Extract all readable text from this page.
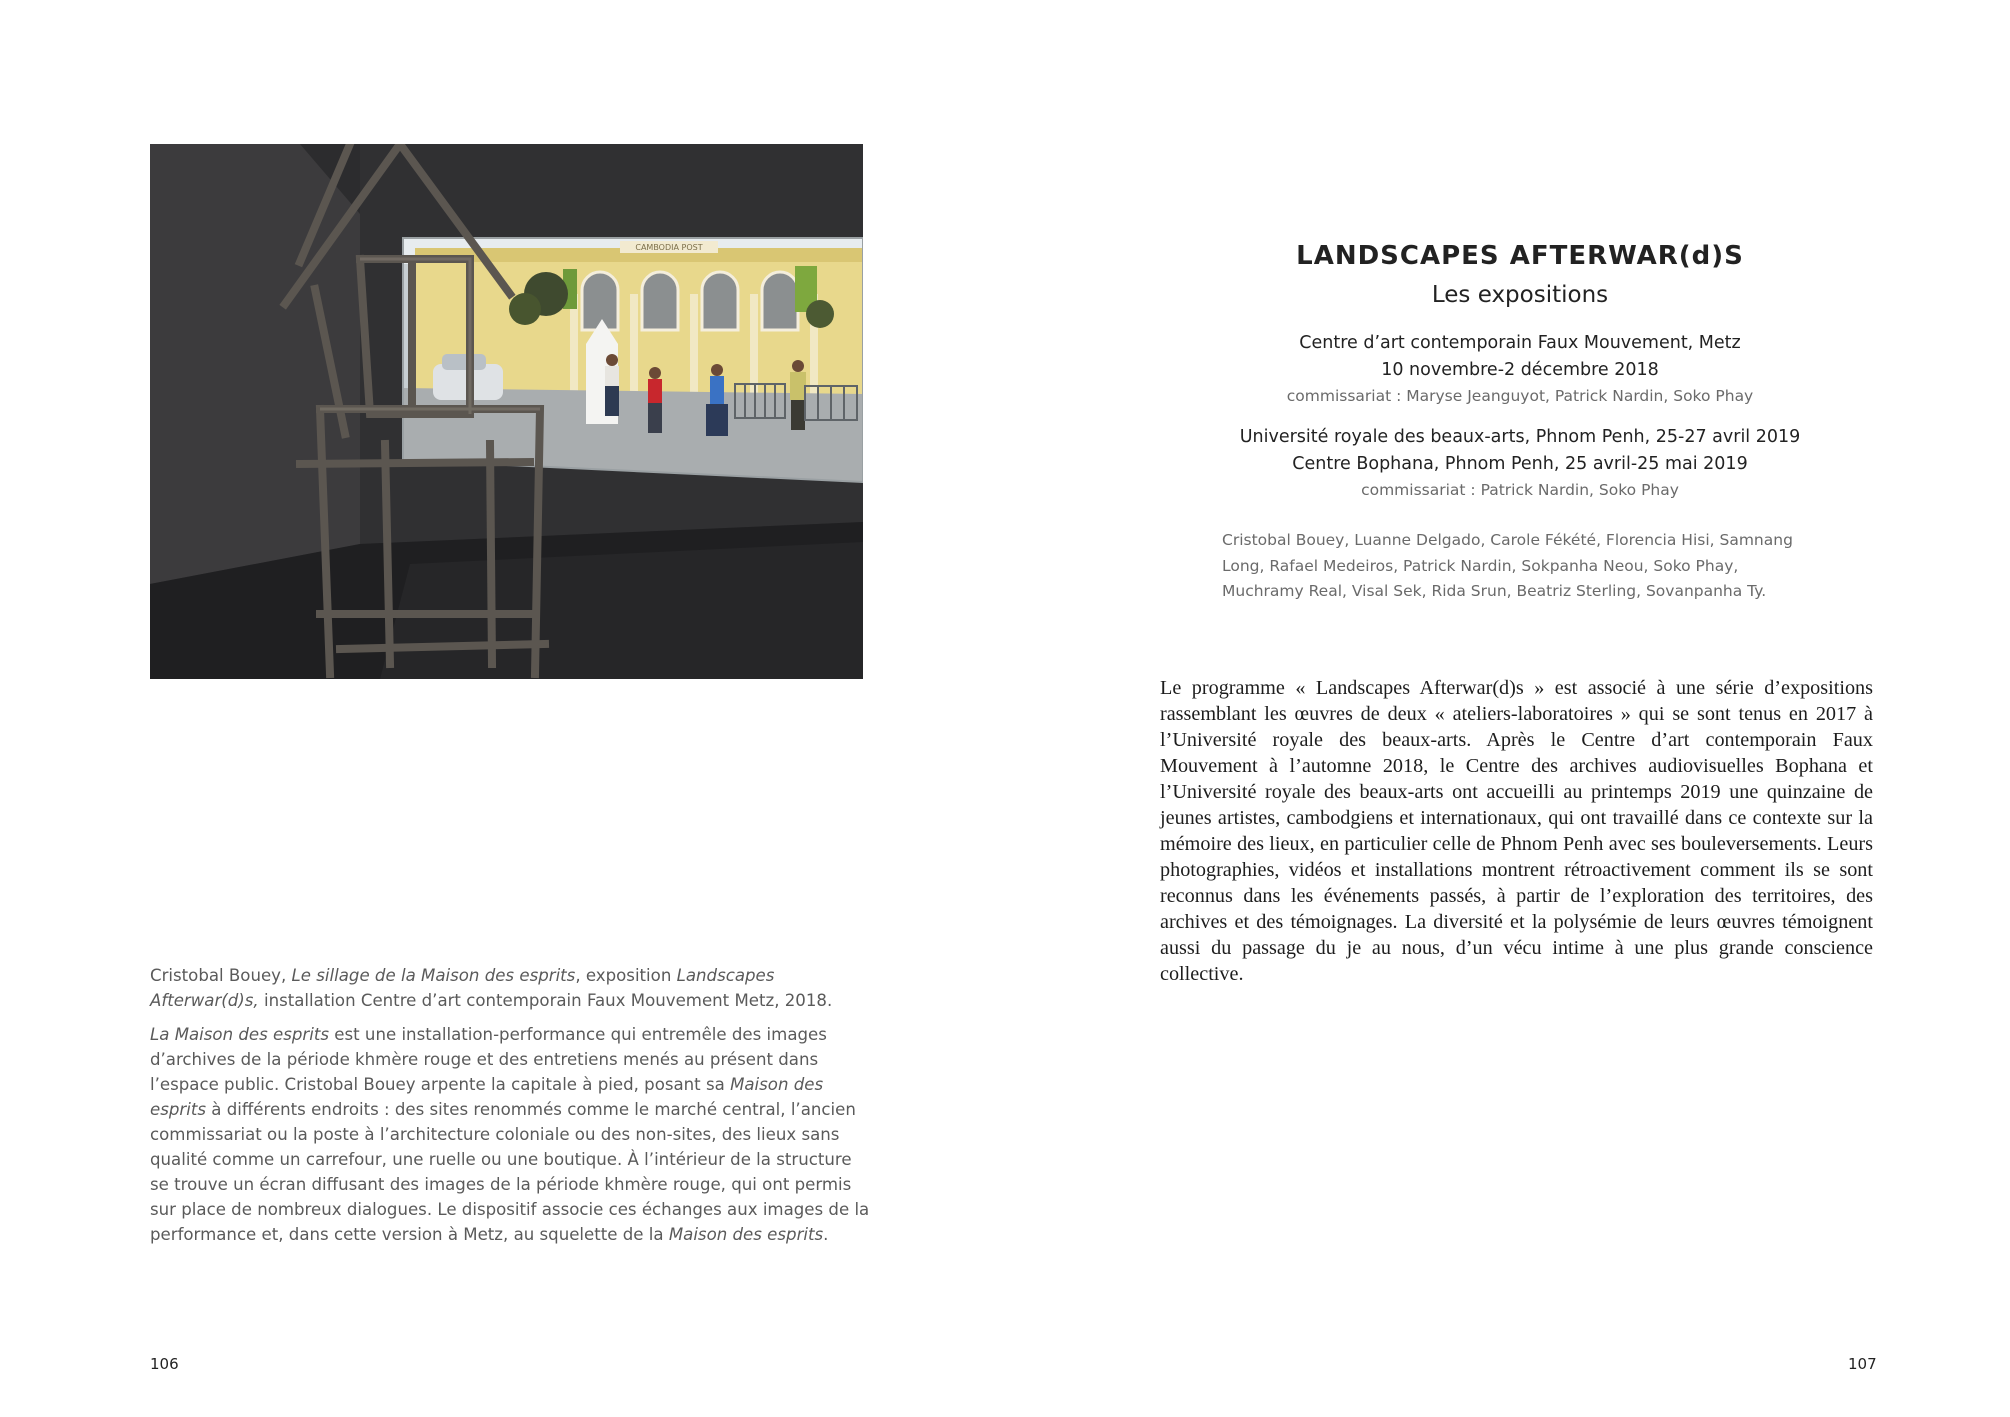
CAMBODIA POST
Cristobal Bouey, Le sillage de la Maison des esprits, exposition Landscapes Afterwar(d)s, installation Centre d’art contemporain Faux Mouvement Metz, 2018.
La Maison des esprits est une installation-performance qui entremêle des images d’archives de la période khmère rouge et des entretiens menés au présent dans l’espace public. Cristobal Bouey arpente la capitale à pied, posant sa Maison des esprits à différents endroits : des sites renommés comme le marché central, l’ancien commissariat ou la poste à l’architecture coloniale ou des non-sites, des lieux sans qualité comme un carrefour, une ruelle ou une boutique. À l’intérieur de la structure se trouve un écran diffusant des images de la période khmère rouge, qui ont permis sur place de nombreux dialogues. Le dispositif associe ces échanges aux images de la performance et, dans cette version à Metz, au squelette de la Maison des esprits.
106
LANDSCAPES AFTERWAR(d)S
Les expositions
Centre d’art contemporain Faux Mouvement, Metz
10 novembre-2 décembre 2018
commissariat : Maryse Jeanguyot, Patrick Nardin, Soko Phay
Université royale des beaux-arts, Phnom Penh, 25-27 avril 2019
Centre Bophana, Phnom Penh, 25 avril-25 mai 2019
commissariat : Patrick Nardin, Soko Phay
Cristobal Bouey, Luanne Delgado, Carole Fékété, Florencia Hisi, Samnang Long, Rafael Medeiros, Patrick Nardin, Sokpanha Neou, Soko Phay, Muchramy Real, Visal Sek, Rida Srun, Beatriz Sterling, Sovanpanha Ty.
Le programme « Landscapes Afterwar(d)s » est associé à une série d’expositions rassemblant les œuvres de deux « ateliers-laboratoires » qui se sont tenus en 2017 à l’Université royale des beaux-arts. Après le Centre d’art contemporain Faux Mouvement à l’automne 2018, le Centre des archives audiovisuelles Bophana et l’Université royale des beaux-arts ont accueilli au printemps 2019 une quinzaine de jeunes artistes, cambodgiens et internationaux, qui ont travaillé dans ce contexte sur la mémoire des lieux, en particulier celle de Phnom Penh avec ses bouleversements. Leurs photographies, vidéos et installations montrent rétroactivement comment ils se sont reconnus dans les événements passés, à partir de l’exploration des territoires, des archives et des témoignages. La diversité et la polysémie de leurs œuvres témoignent aussi du passage du je au nous, d’un vécu intime à une plus grande conscience collective.
107
